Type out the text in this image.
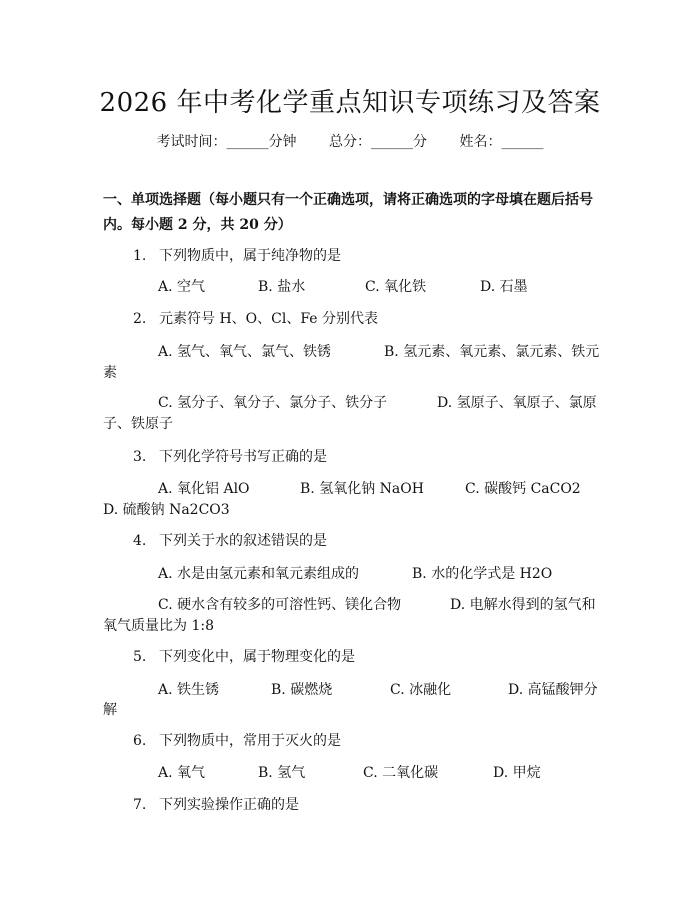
2026 年中考化学重点知识专项练习及答案
考试时间：______分钟 总分：______分 姓名：______
一、单项选择题（每小题只有一个正确选项，请将正确选项的字母填在题后括号
内。每小题 2 分，共 20 分）
1. 下列物质中，属于纯净物的是
A. 空气	B. 盐水	C. 氧化铁	D. 石墨
2. 元素符号 H、O、Cl、Fe 分别代表
A. 氢气、氧气、氯气、铁锈	B. 氢元素、氧元素、氯元素、铁元
素
C. 氢分子、氧分子、氯分子、铁分子	D. 氢原子、氧原子、氯原
子、铁原子
3. 下列化学符号书写正确的是
A. 氧化铝 AlO	B. 氢氧化钠 NaOH	C. 碳酸钙 CaCO2
D. 硫酸钠 Na2CO3
4. 下列关于水的叙述错误的是
A. 水是由氢元素和氧元素组成的	B. 水的化学式是 H2O
C. 硬水含有较多的可溶性钙、镁化合物	D. 电解水得到的氢气和
氧气质量比为 1:8
5. 下列变化中，属于物理变化的是
A. 铁生锈	B. 碳燃烧	C. 冰融化	D. 高锰酸钾分
解
6. 下列物质中，常用于灭火的是
A. 氧气	B. 氢气	C. 二氧化碳	D. 甲烷
7. 下列实验操作正确的是
